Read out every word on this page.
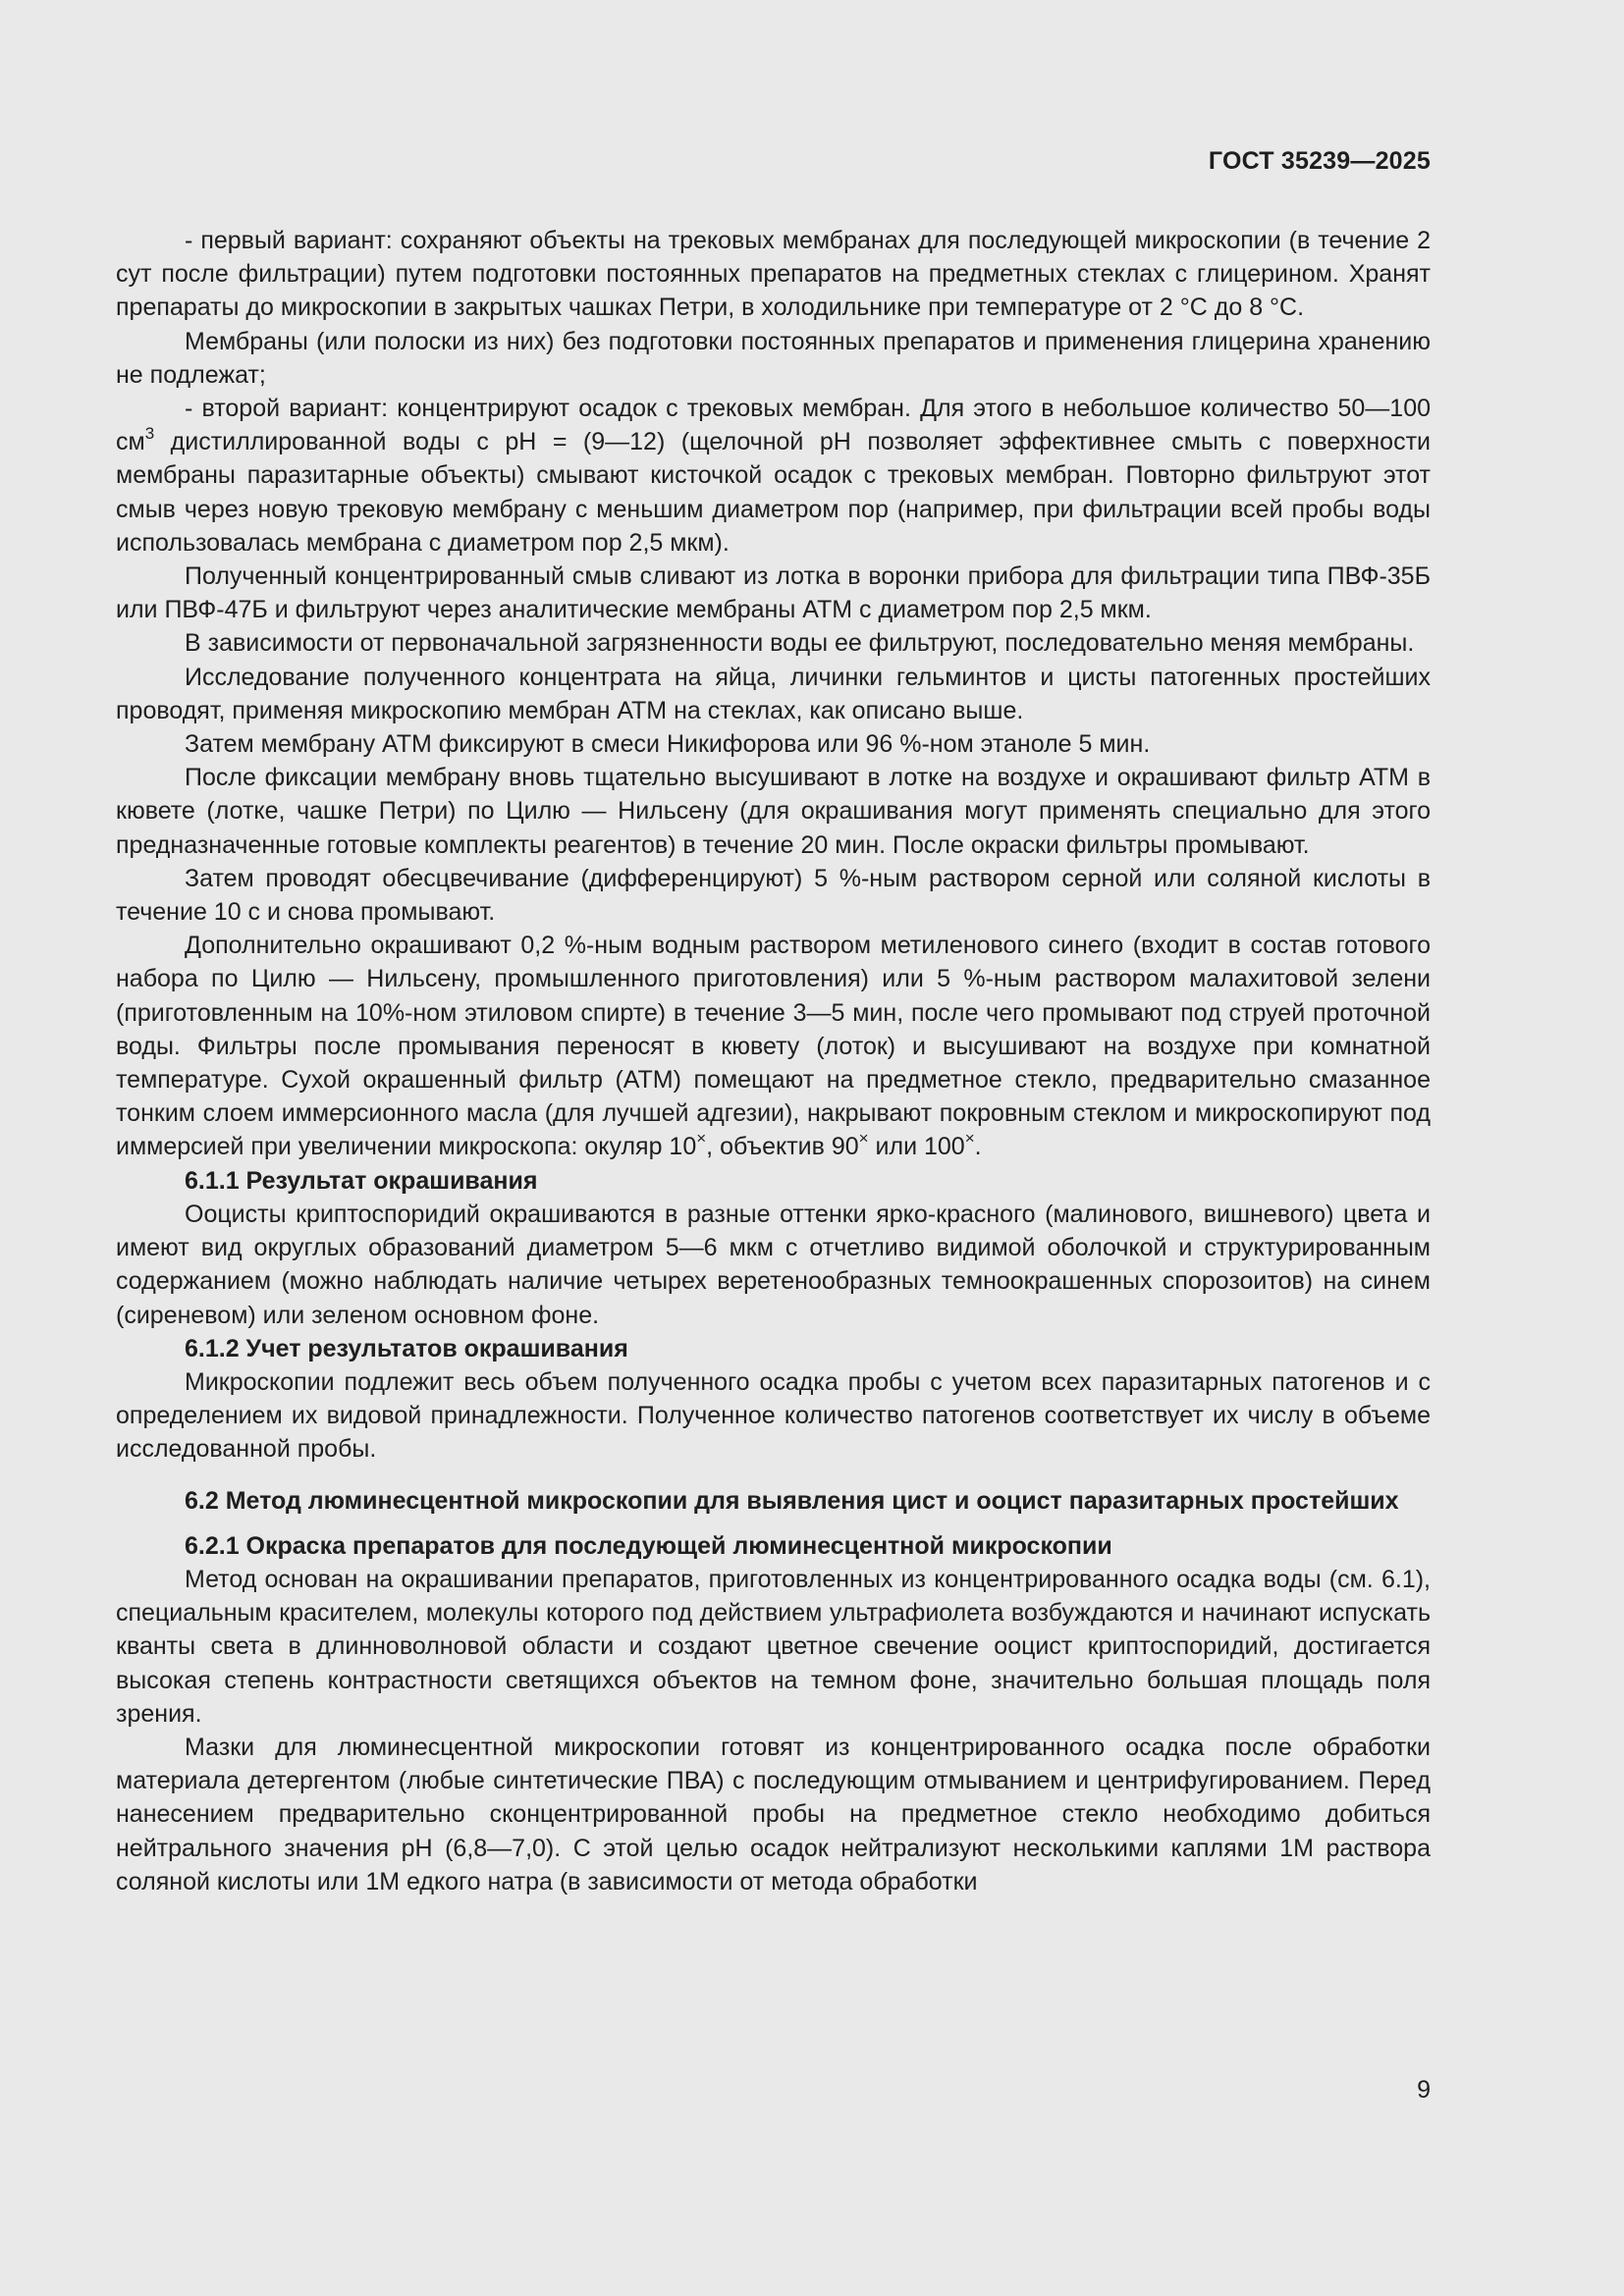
ГОСТ 35239—2025

- первый вариант: сохраняют объекты на трековых мембранах для последующей микроскопии (в течение 2 сут после фильтрации) путем подготовки постоянных препаратов на предметных стеклах с глицерином. Хранят препараты до микроскопии в закрытых чашках Петри, в холодильнике при температуре от 2 °С до 8 °С.

Мембраны (или полоски из них) без подготовки постоянных препаратов и применения глицерина хранению не подлежат;

- второй вариант: концентрируют осадок с трековых мембран. Для этого в небольшое количество 50—100 $см^3$ дистиллированной воды с рН = (9—12) (щелочной рН позволяет эффективнее смыть с поверхности мембраны паразитарные объекты) смывают кисточкой осадок с трековых мембран. Повторно фильтруют этот смыв через новую трековую мембрану с меньшим диаметром пор (например, при фильтрации всей пробы воды использовалась мембрана с диаметром пор 2,5 мкм).

Полученный концентрированный смыв сливают из лотка в воронки прибора для фильтрации типа ПВФ-35Б или ПВФ-47Б и фильтруют через аналитические мембраны АТМ с диаметром пор 2,5 мкм.

В зависимости от первоначальной загрязненности воды ее фильтруют, последовательно меняя мембраны.

Исследование полученного концентрата на яйца, личинки гельминтов и цисты патогенных простейших проводят, применяя микроскопию мембран АТМ на стеклах, как описано выше.

Затем мембрану АТМ фиксируют в смеси Никифорова или 96 %-ном этаноле 5 мин.

После фиксации мембрану вновь тщательно высушивают в лотке на воздухе и окрашивают фильтр АТМ в кювете (лотке, чашке Петри) по Цилю — Нильсену (для окрашивания могут применять специально для этого предназначенные готовые комплекты реагентов) в течение 20 мин. После окраски фильтры промывают.

Затем проводят обесцвечивание (дифференцируют) 5 %-ным раствором серной или соляной кислоты в течение 10 с и снова промывают.

Дополнительно окрашивают 0,2 %-ным водным раствором метиленового синего (входит в состав готового набора по Цилю — Нильсену, промышленного приготовления) или 5 %-ным раствором малахитовой зелени (приготовленным на 10%-ном этиловом спирте) в течение 3—5 мин, после чего промывают под струей проточной воды. Фильтры после промывания переносят в кювету (лоток) и высушивают на воздухе при комнатной температуре. Сухой окрашенный фильтр (АТМ) помещают на предметное стекло, предварительно смазанное тонким слоем иммерсионного масла (для лучшей адгезии), накрывают покровным стеклом и микроскопируют под иммерсией при увеличении микроскопа: окуляр 10×, объектив 90× или 100×.

6.1.1 Результат окрашивания

Ооцисты криптоспоридий окрашиваются в разные оттенки ярко-красного (малинового, вишневого) цвета и имеют вид округлых образований диаметром 5—6 мкм с отчетливо видимой оболочкой и структурированным содержанием (можно наблюдать наличие четырех веретенообразных темноокрашенных спорозоитов) на синем (сиреневом) или зеленом основном фоне.

6.1.2 Учет результатов окрашивания

Микроскопии подлежит весь объем полученного осадка пробы с учетом всех паразитарных патогенов и с определением их видовой принадлежности. Полученное количество патогенов соответствует их числу в объеме исследованной пробы.

6.2 Метод люминесцентной микроскопии для выявления цист и ооцист паразитарных простейших

6.2.1 Окраска препаратов для последующей люминесцентной микроскопии

Метод основан на окрашивании препаратов, приготовленных из концентрированного осадка воды (см. 6.1), специальным красителем, молекулы которого под действием ультрафиолета возбуждаются и начинают испускать кванты света в длинноволновой области и создают цветное свечение ооцист криптоспоридий, достигается высокая степень контрастности светящихся объектов на темном фоне, значительно большая площадь поля зрения.

Мазки для люминесцентной микроскопии готовят из концентрированного осадка после обработки материала детергентом (любые синтетические ПВА) с последующим отмыванием и центрифугированием. Перед нанесением предварительно сконцентрированной пробы на предметное стекло необходимо добиться нейтрального значения рН (6,8—7,0). С этой целью осадок нейтрализуют несколькими каплями 1М раствора соляной кислоты или 1М едкого натра (в зависимости от метода обработки

9
